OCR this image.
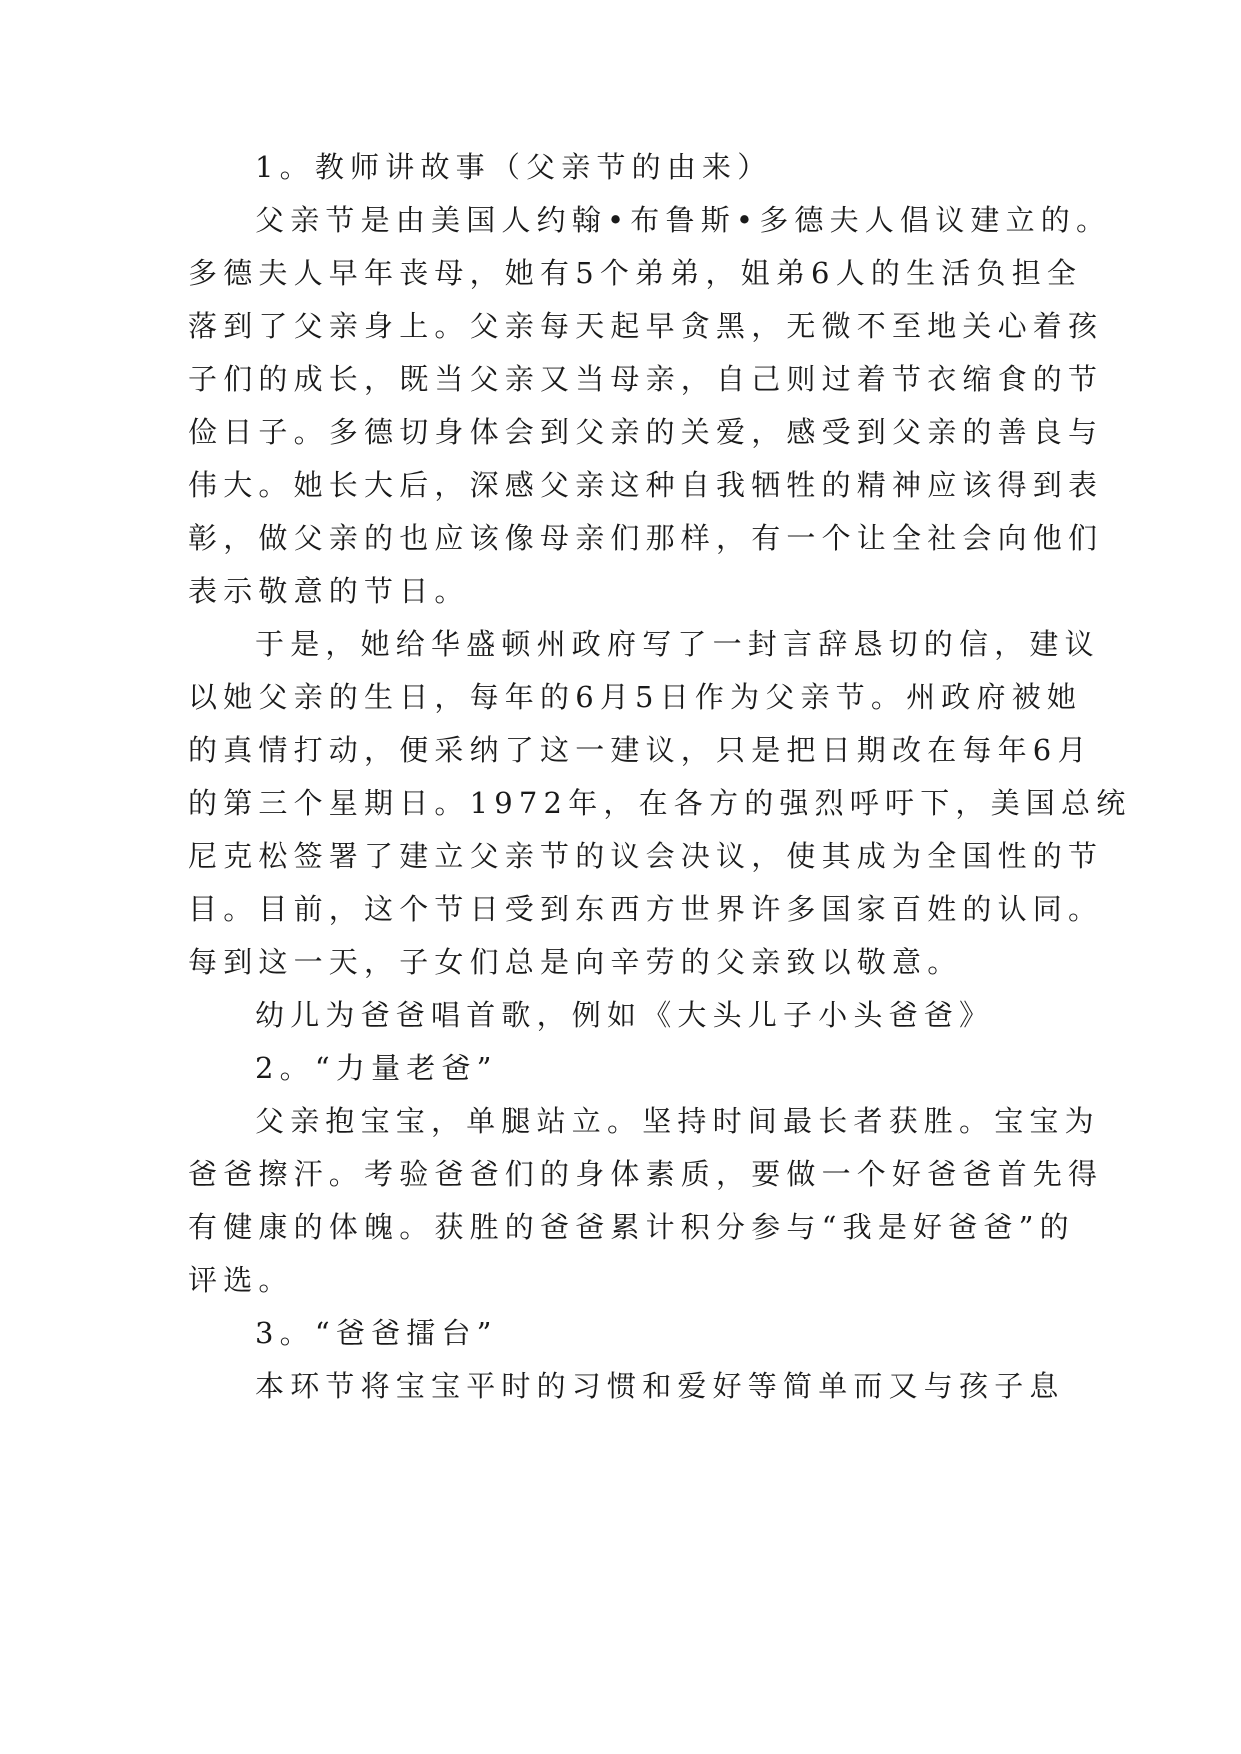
1。教师讲故事（父亲节的由来）
父亲节是由美国人约翰•布鲁斯•多德夫人倡议建立的。
多德夫人早年丧母，她有5个弟弟，姐弟6人的生活负担全
落到了父亲身上。父亲每天起早贪黑，无微不至地关心着孩
子们的成长，既当父亲又当母亲，自己则过着节衣缩食的节
俭日子。多德切身体会到父亲的关爱，感受到父亲的善良与
伟大。她长大后，深感父亲这种自我牺牲的精神应该得到表
彰，做父亲的也应该像母亲们那样，有一个让全社会向他们
表示敬意的节日。
于是，她给华盛顿州政府写了一封言辞恳切的信，建议
以她父亲的生日，每年的6月5日作为父亲节。州政府被她
的真情打动，便采纳了这一建议，只是把日期改在每年6月
的第三个星期日。1972年，在各方的强烈呼吁下，美国总统
尼克松签署了建立父亲节的议会决议，使其成为全国性的节
目。目前，这个节日受到东西方世界许多国家百姓的认同。
每到这一天，子女们总是向辛劳的父亲致以敬意。
幼儿为爸爸唱首歌，例如《大头儿子小头爸爸》
2。“力量老爸”
父亲抱宝宝，单腿站立。坚持时间最长者获胜。宝宝为
爸爸擦汗。考验爸爸们的身体素质，要做一个好爸爸首先得
有健康的体魄。获胜的爸爸累计积分参与“我是好爸爸”的
评选。
3。“爸爸擂台”
本环节将宝宝平时的习惯和爱好等简单而又与孩子息
